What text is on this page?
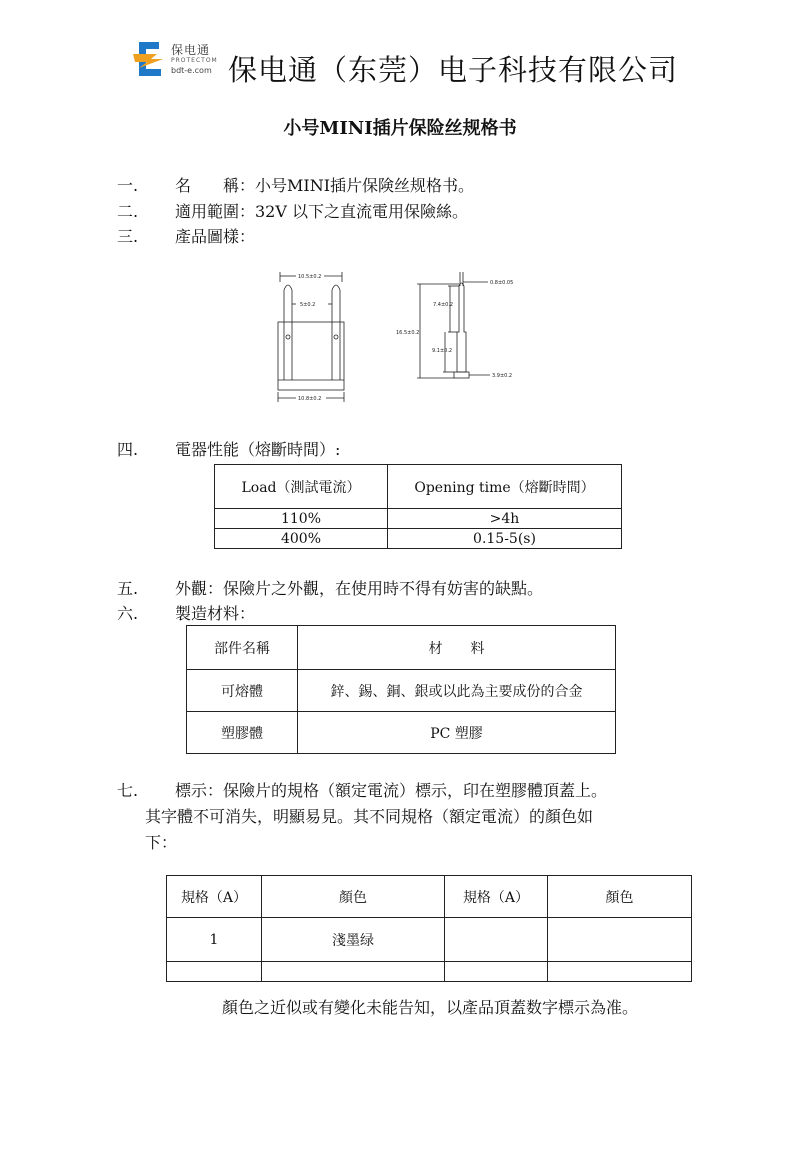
保电通
PROTECTOM
bdt-e.com 保电通（东莞）电子科技有限公司
小号MINI插片保险丝规格书
一. 名　　稱：小号MINI插片保険丝规格书。
二. 適用範圍：32V 以下之直流電用保險絲。
三. 產品圖樣：
10.5±0.2
5±0.2
10.8±0.2
0.8±0.05
16.5±0.2
7.4±0.2
9.1±0.2
3.9±0.2
四. 電器性能（熔斷時間）:
Load（測試電流）	Opening time（熔斷時間）
110%	>4h
400%	0.15-5(s)
五. 外觀：保險片之外觀，在使用時不得有妨害的缺點。
六. 製造材料：
部件名稱	材　　料
可熔體	鋅、錫、銅、銀或以此為主要成份的合金
塑膠體	PC 塑膠
七. 標示：保險片的規格（額定電流）標示，印在塑膠體頂蓋上。
其字體不可消失，明顯易見。其不同規格（額定電流）的顏色如
下：
規格（A）	顏色	規格（A）	顏色
1	淺墨绿		

顏色之近似或有變化未能告知，以產品頂蓋数字標示為准。
